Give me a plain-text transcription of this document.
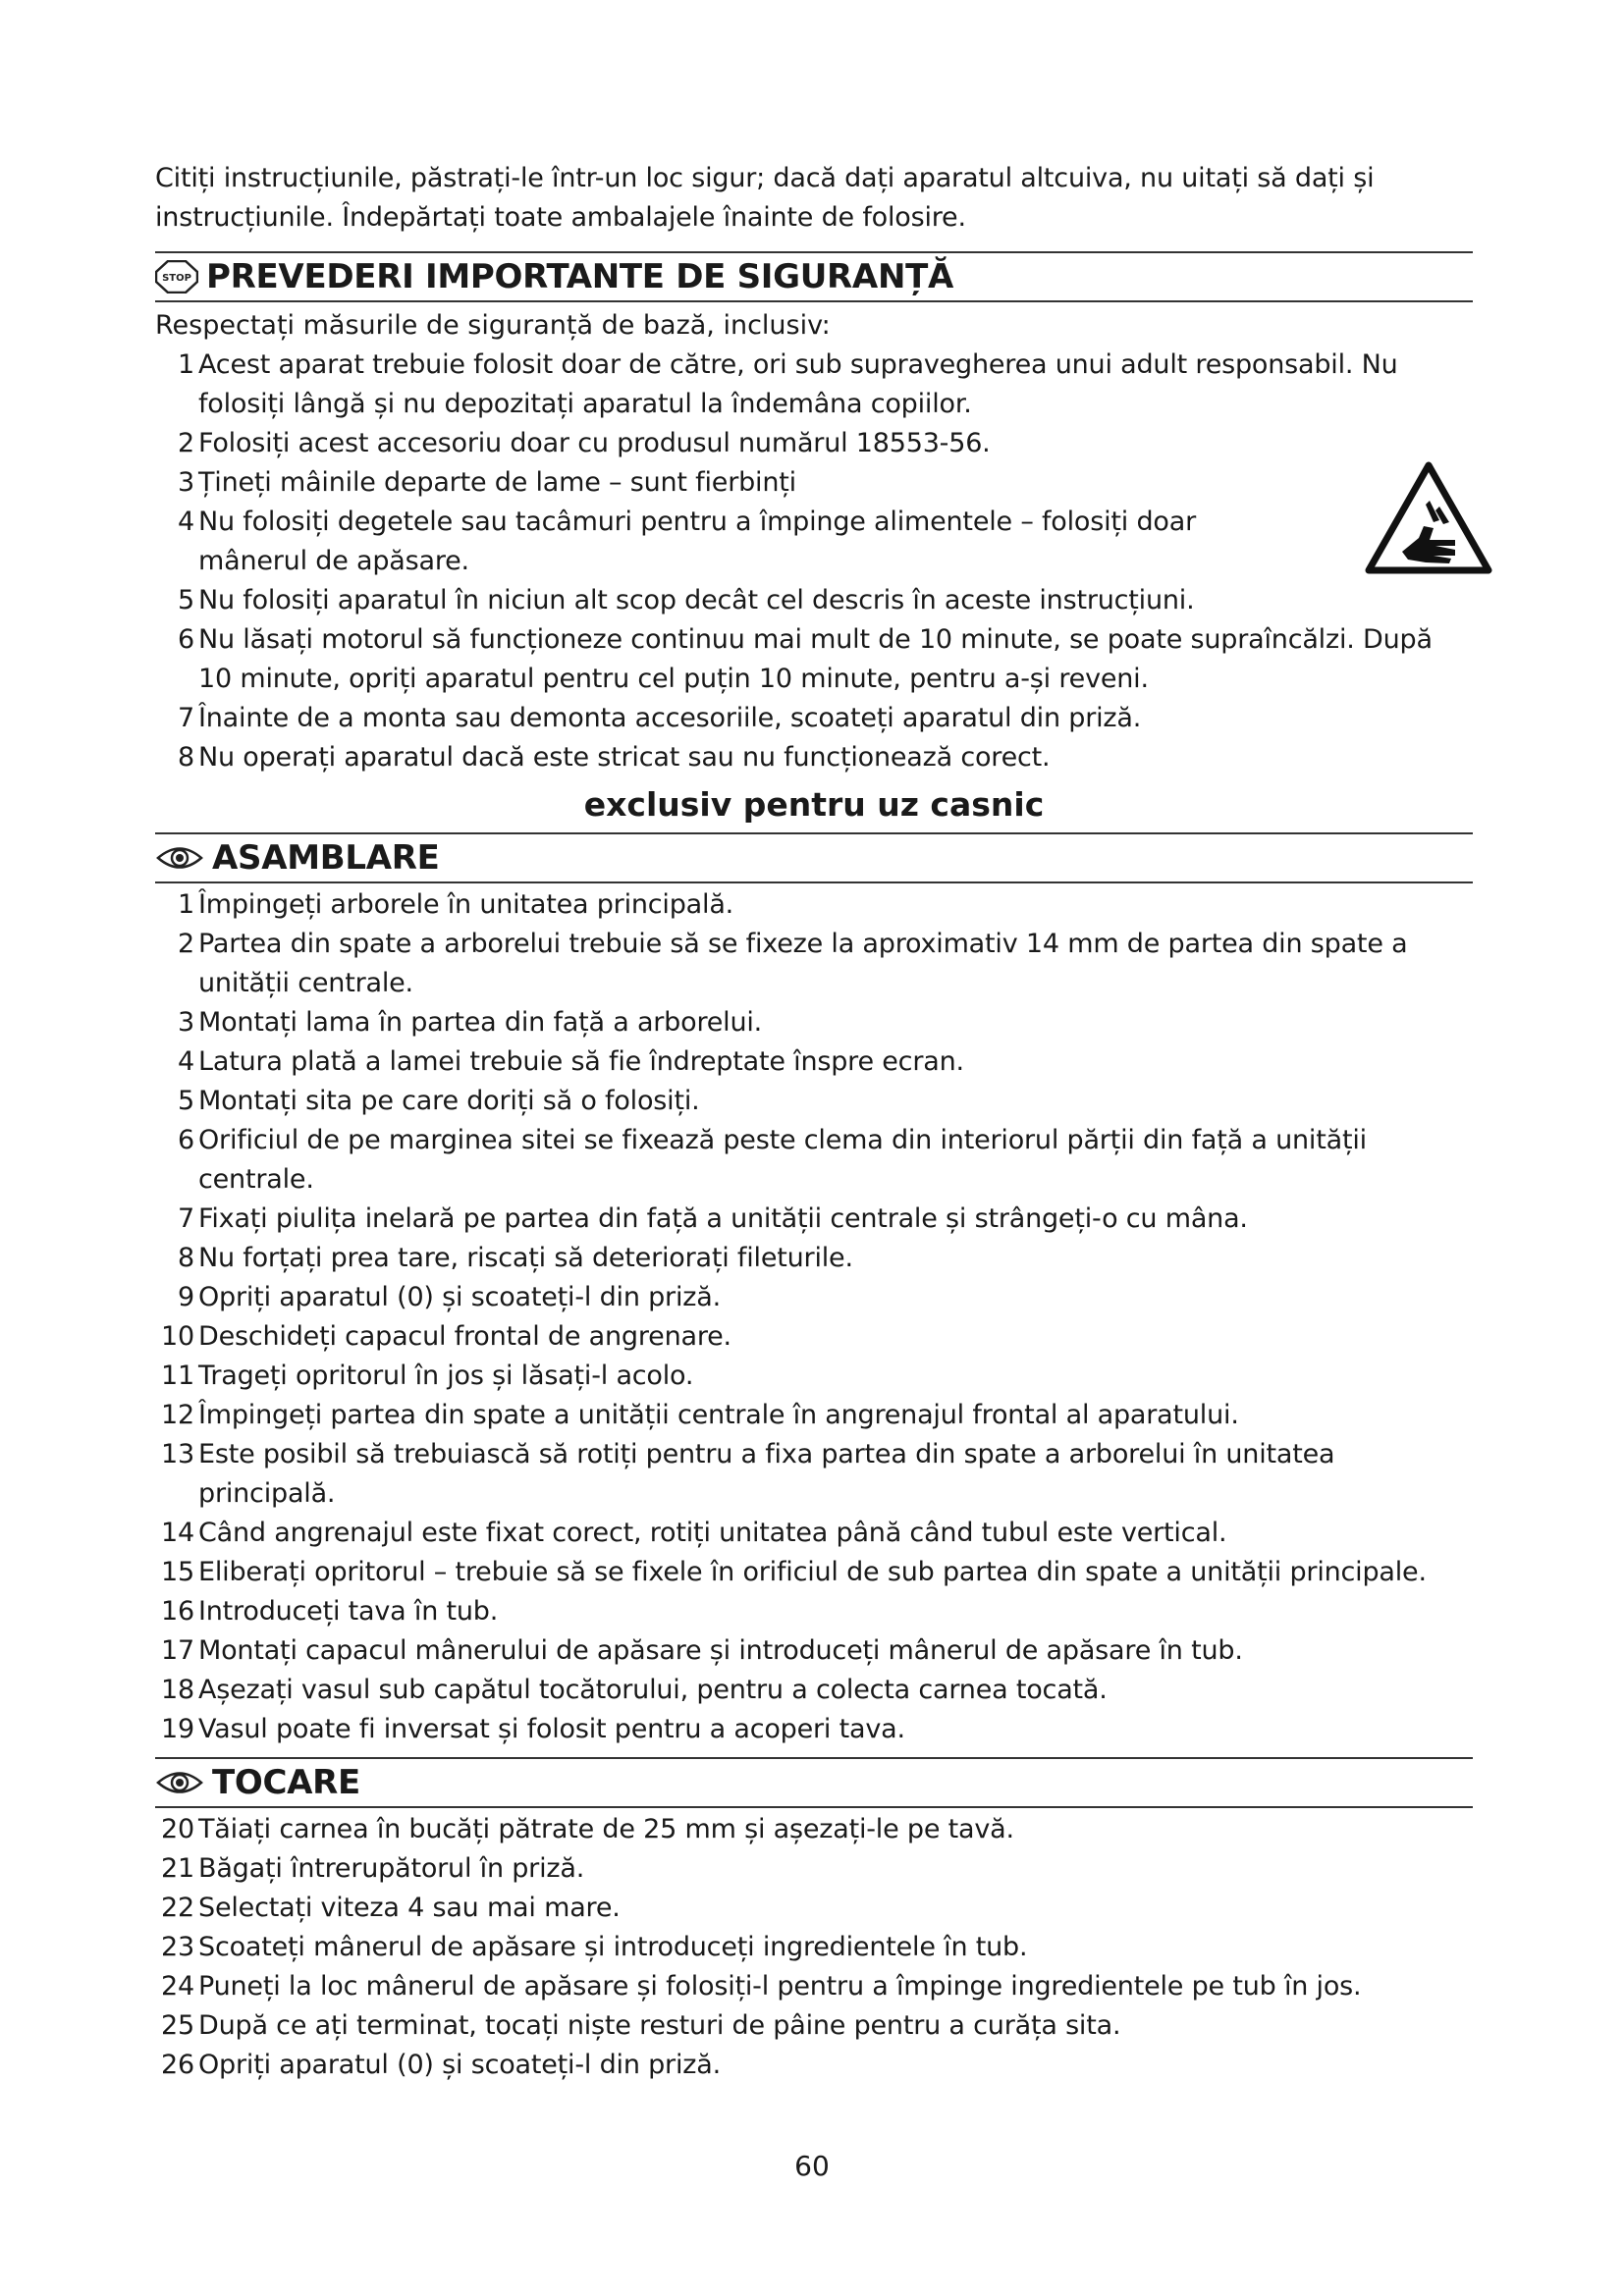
Citiți instrucțiunile, păstrați-le într-un loc sigur; dacă dați aparatul altcuiva, nu uitați să dați și instrucțiunile. Îndepărtați toate ambalajele înainte de folosire.

STOP PREVEDERI IMPORTANTE DE SIGURANȚĂ

Respectați măsurile de siguranță de bază, inclusiv:

1 Acest aparat trebuie folosit doar de către, ori sub supravegherea unui adult responsabil. Nu folosiți lângă și nu depozitați aparatul la îndemâna copiilor.
2 Folosiți acest accesoriu doar cu produsul numărul 18553-56.
3 Țineți mâinile departe de lame – sunt fierbinți
4 Nu folosiți degetele sau tacâmuri pentru a împinge alimentele – folosiți doar mânerul de apăsare.
5 Nu folosiți aparatul în niciun alt scop decât cel descris în aceste instrucțiuni.
6 Nu lăsați motorul să funcționeze continuu mai mult de 10 minute, se poate supraîncălzi. După 10 minute, opriți aparatul pentru cel puțin 10 minute, pentru a-și reveni.
7 Înainte de a monta sau demonta accesoriile, scoateți aparatul din priză.
8 Nu operați aparatul dacă este stricat sau nu funcționează corect.
exclusiv pentru uz casnic
ASAMBLARE
1 Împingeți arborele în unitatea principală.
2 Partea din spate a arborelui trebuie să se fixeze la aproximativ 14 mm de partea din spate a unității centrale.
3 Montați lama în partea din față a arborelui.
4 Latura plată a lamei trebuie să fie îndreptate înspre ecran.
5 Montați sita pe care doriți să o folosiți.
6 Orificiul de pe marginea sitei se fixează peste clema din interiorul părții din față a unității centrale.
7 Fixați piulița inelară pe partea din față a unității centrale și strângeți-o cu mâna.
8 Nu forțați prea tare, riscați să deteriorați fileturile.
9 Opriți aparatul (0) și scoateți-l din priză.
10 Deschideți capacul frontal de angrenare.
11 Trageți opritorul în jos și lăsați-l acolo.
12 Împingeți partea din spate a unității centrale în angrenajul frontal al aparatului.
13 Este posibil să trebuiască să rotiți pentru a fixa partea din spate a arborelui în unitatea principală.
14 Când angrenajul este fixat corect, rotiți unitatea până când tubul este vertical.
15 Eliberați opritorul – trebuie să se fixele în orificiul de sub partea din spate a unității principale.
16 Introduceți tava în tub.
17 Montați capacul mânerului de apăsare și introduceți mânerul de apăsare în tub.
18 Așezați vasul sub capătul tocătorului, pentru a colecta carnea tocată.
19 Vasul poate fi inversat și folosit pentru a acoperi tava.
TOCARE
20 Tăiați carnea în bucăți pătrate de 25 mm și așezați-le pe tavă.
21 Băgați întrerupătorul în priză.
22 Selectați viteza 4 sau mai mare.
23 Scoateți mânerul de apăsare și introduceți ingredientele în tub.
24 Puneți la loc mânerul de apăsare și folosiți-l pentru a împinge ingredientele pe tub în jos.
25 După ce ați terminat, tocați niște resturi de pâine pentru a curăța sita.
26 Opriți aparatul (0) și scoateți-l din priză.
60
